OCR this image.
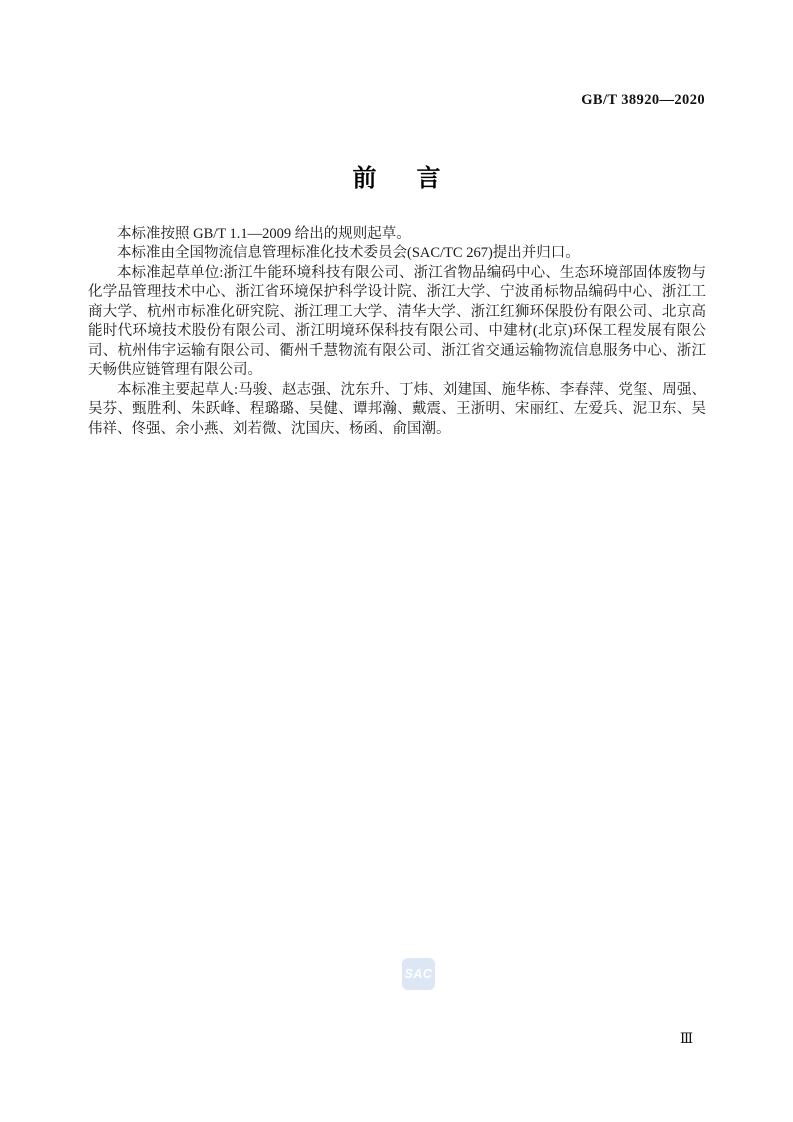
GB/T 38920—2020
前言

本标准按照 GB/T 1.1—2009 给出的规则起草。

本标准由全国物流信息管理标准化技术委员会(SAC/TC 267)提出并归口。

本标准起草单位:浙江牛能环境科技有限公司、浙江省物品编码中心、生态环境部固体废物与化学品管理技术中心、浙江省环境保护科学设计院、浙江大学、宁波甬标物品编码中心、浙江工商大学、杭州市标准化研究院、浙江理工大学、清华大学、浙江红狮环保股份有限公司、北京高能时代环境技术股份有限公司、浙江明境环保科技有限公司、中建材(北京)环保工程发展有限公司、杭州伟宇运输有限公司、衢州千慧物流有限公司、浙江省交通运输物流信息服务中心、浙江天畅供应链管理有限公司。

本标准主要起草人:马骏、赵志强、沈东升、丁炜、刘建国、施华栋、李春萍、党玺、周强、吴芬、甄胜利、朱跃峰、程璐璐、吴健、谭邦瀚、戴震、王浙明、宋丽红、左爱兵、泥卫东、吴伟祥、佟强、余小燕、刘若微、沈国庆、杨函、俞国潮。

SAC
Ⅲ
